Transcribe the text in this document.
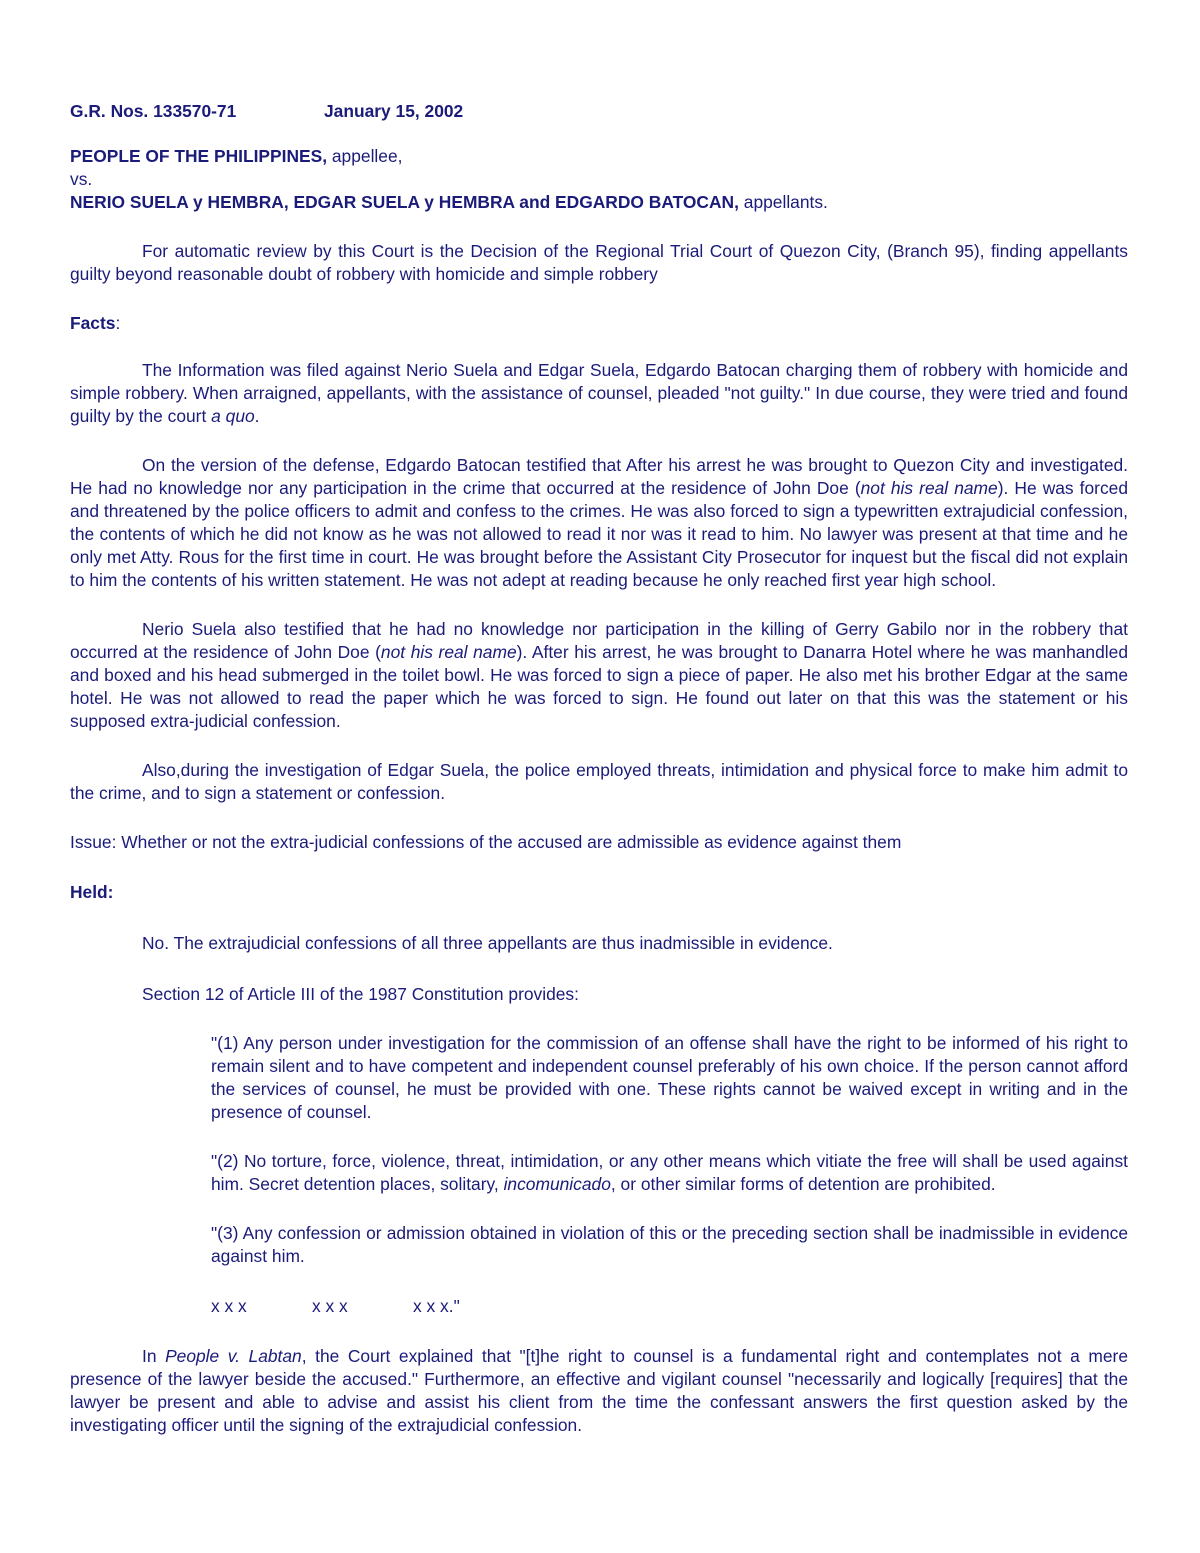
G.R. Nos. 133570-71	January 15, 2002

PEOPLE OF THE PHILIPPINES, appellee,

vs.

NERIO SUELA y HEMBRA, EDGAR SUELA y HEMBRA and EDGARDO BATOCAN, appellants.

For automatic review by this Court is the Decision of the Regional Trial Court of Quezon City, (Branch 95), finding appellants guilty beyond reasonable doubt of robbery with homicide and simple robbery

Facts:

The Information was filed against Nerio Suela and Edgar Suela, Edgardo Batocan charging them of robbery with homicide and simple robbery. When arraigned, appellants, with the assistance of counsel, pleaded "not guilty." In due course, they were tried and found guilty by the court a quo.

On the version of the defense, Edgardo Batocan testified that After his arrest he was brought to Quezon City and investigated. He had no knowledge nor any participation in the crime that occurred at the residence of John Doe (not his real name). He was forced and threatened by the police officers to admit and confess to the crimes. He was also forced to sign a typewritten extrajudicial confession, the contents of which he did not know as he was not allowed to read it nor was it read to him. No lawyer was present at that time and he only met Atty. Rous for the first time in court. He was brought before the Assistant City Prosecutor for inquest but the fiscal did not explain to him the contents of his written statement. He was not adept at reading because he only reached first year high school.

Nerio Suela also testified that he had no knowledge nor participation in the killing of Gerry Gabilo nor in the robbery that occurred at the residence of John Doe (not his real name). After his arrest, he was brought to Danarra Hotel where he was manhandled and boxed and his head submerged in the toilet bowl. He was forced to sign a piece of paper. He also met his brother Edgar at the same hotel. He was not allowed to read the paper which he was forced to sign. He found out later on that this was the statement or his supposed extra-judicial confession.

Also,during the investigation of Edgar Suela, the police employed threats, intimidation and physical force to make him admit to the crime, and to sign a statement or confession.

Issue: Whether or not the extra-judicial confessions of the accused are admissible as evidence against them

Held:

No. The extrajudicial confessions of all three appellants are thus inadmissible in evidence.

Section 12 of Article III of the 1987 Constitution provides:

"(1) Any person under investigation for the commission of an offense shall have the right to be informed of his right to remain silent and to have competent and independent counsel preferably of his own choice. If the person cannot afford the services of counsel, he must be provided with one. These rights cannot be waived except in writing and in the presence of counsel.

"(2) No torture, force, violence, threat, intimidation, or any other means which vitiate the free will shall be used against him. Secret detention places, solitary, incomunicado, or other similar forms of detention are prohibited.

"(3) Any confession or admission obtained in violation of this or the preceding section shall be inadmissible in evidence against him.

x x x	x x x	x x x."

In People v. Labtan, the Court explained that "[t]he right to counsel is a fundamental right and contemplates not a mere presence of the lawyer beside the accused." Furthermore, an effective and vigilant counsel "necessarily and logically [requires] that the lawyer be present and able to advise and assist his client from the time the confessant answers the first question asked by the investigating officer until the signing of the extrajudicial confession.
